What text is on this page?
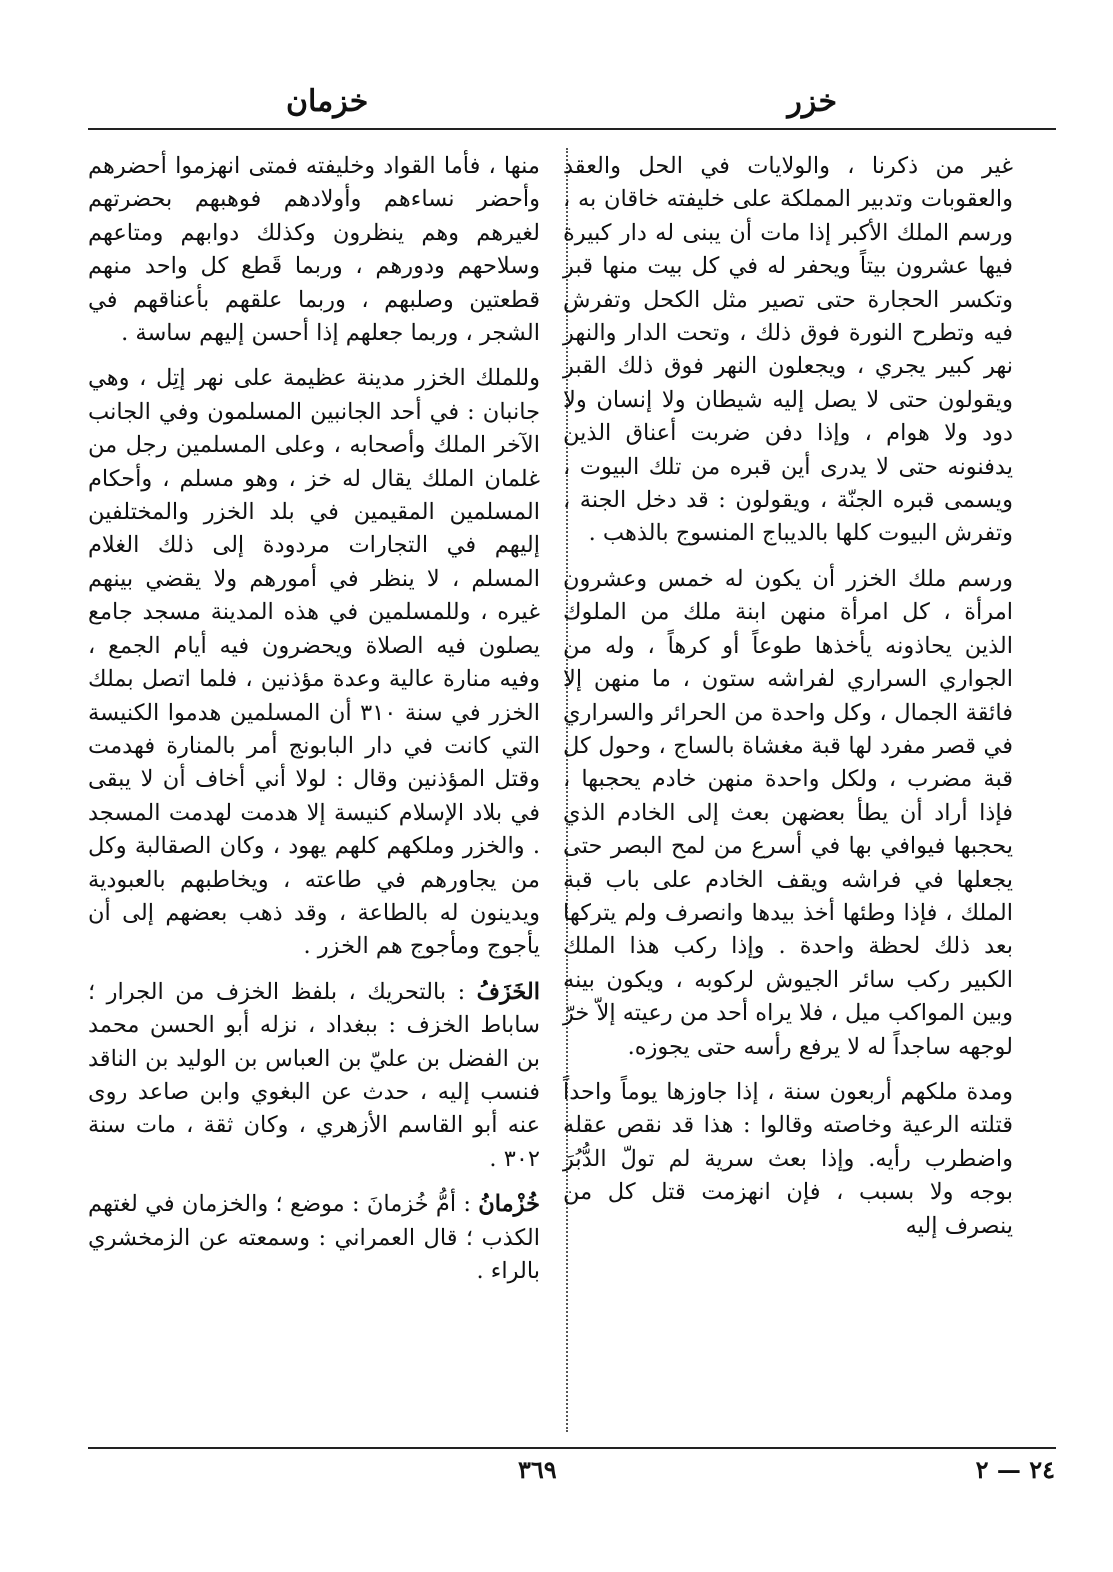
خزر
خزمان

غير من ذكرنا ، والولايات في الحل والعقد والعقوبات وتدبير المملكة على خليفته خاقان به ، ورسم الملك الأكبر إذا مات أن يبنى له دار كبيرة فيها عشرون بيتاً ويحفر له في كل بيت منها قبر وتكسر الحجارة حتى تصير مثل الكحل وتفرش فيه وتطرح النورة فوق ذلك ، وتحت الدار والنهر نهر كبير يجري ، ويجعلون النهر فوق ذلك القبر ويقولون حتى لا يصل إليه شيطان ولا إنسان ولا دود ولا هوام ، وإذا دفن ضربت أعناق الذين يدفنونه حتى لا يدرى أين قبره من تلك البيوت ، ويسمى قبره الجنّة ، ويقولون : قد دخل الجنة ، وتفرش البيوت كلها بالديباج المنسوج بالذهب .

ورسم ملك الخزر أن يكون له خمس وعشرون امرأة ، كل امرأة منهن ابنة ملك من الملوك الذين يحاذونه يأخذها طوعاً أو كرهاً ، وله من الجواري السراري لفراشه ستون ، ما منهن إلا فائقة الجمال ، وكل واحدة من الحرائر والسراري في قصر مفرد لها قبة مغشاة بالساج ، وحول كل قبة مضرب ، ولكل واحدة منهن خادم يحجبها ، فإذا أراد أن يطأ بعضهن بعث إلى الخادم الذي يحجبها فيوافي بها في أسرع من لمح البصر حتى يجعلها في فراشه ويقف الخادم على باب قبة الملك ، فإذا وطئها أخذ بيدها وانصرف ولم يتركها بعد ذلك لحظة واحدة . وإذا ركب هذا الملك الكبير ركب سائر الجيوش لركوبه ، ويكون بينه وبين المواكب ميل ، فلا يراه أحد من رعيته إلاّ خرّ لوجهه ساجداً له لا يرفع رأسه حتى يجوزه.

ومدة ملكهم أربعون سنة ، إذا جاوزها يوماً واحداً قتلته الرعية وخاصته وقالوا : هذا قد نقص عقله واضطرب رأيه. وإذا بعث سرية لم تولّ الدُّبُرَ بوجه ولا بسبب ، فإن انهزمت قتل كل من ينصرف إليه

منها ، فأما القواد وخليفته فمتى انهزموا أحضرهم وأحضر نساءهم وأولادهم فوهبهم بحضرتهم لغيرهم وهم ينظرون وكذلك دوابهم ومتاعهم وسلاحهم ودورهم ، وربما قَطع كل واحد منهم قطعتين وصلبهم ، وربما علقهم بأعناقهم في الشجر ، وربما جعلهم إذا أحسن إليهم ساسة .

وللملك الخزر مدينة عظيمة على نهر إتِل ، وهي جانبان : في أحد الجانبين المسلمون وفي الجانب الآخر الملك وأصحابه ، وعلى المسلمين رجل من غلمان الملك يقال له خز ، وهو مسلم ، وأحكام المسلمين المقيمين في بلد الخزر والمختلفين إليهم في التجارات مردودة إلى ذلك الغلام المسلم ، لا ينظر في أمورهم ولا يقضي بينهم غيره ، وللمسلمين في هذه المدينة مسجد جامع يصلون فيه الصلاة ويحضرون فيه أيام الجمع ، وفيه منارة عالية وعدة مؤذنين ، فلما اتصل بملك الخزر في سنة ٣١٠ أن المسلمين هدموا الكنيسة التي كانت في دار البابونج أمر بالمنارة فهدمت وقتل المؤذنين وقال : لولا أني أخاف أن لا يبقى في بلاد الإسلام كنيسة إلا هدمت لهدمت المسجد . والخزر وملكهم كلهم يهود ، وكان الصقالبة وكل من يجاورهم في طاعته ، ويخاطبهم بالعبودية ويدينون له بالطاعة ، وقد ذهب بعضهم إلى أن يأجوج ومأجوج هم الخزر .

الخَزَفُ : بالتحريك ، بلفظ الخزف من الجرار ؛ ساباط الخزف : ببغداد ، نزله أبو الحسن محمد بن الفضل بن عليّ بن العباس بن الوليد بن الناقد فنسب إليه ، حدث عن البغوي وابن صاعد روى عنه أبو القاسم الأزهري ، وكان ثقة ، مات سنة ٣٠٢ .

خُزْمانُ : أمُّ خُزمانَ : موضع ؛ والخزمان في لغتهم الكذب ؛ قال العمراني : وسمعته عن الزمخشري بالراء .

٣٦٩	٢٤ — ٢
